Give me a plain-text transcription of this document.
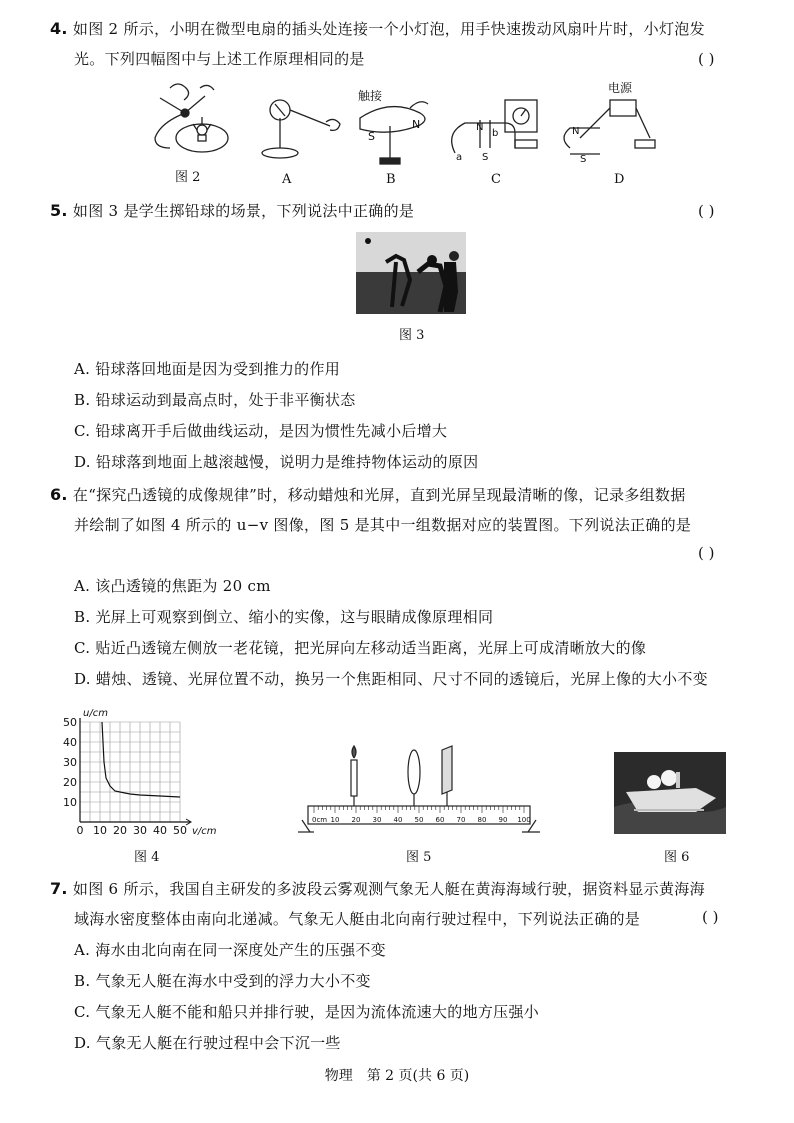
4. 如图 2 所示，小明在微型电扇的插头处连接一个小灯泡，用手快速拨动风扇叶片时，小灯泡发
光。下列四幅图中与上述工作原理相同的是	( )
触接
N
S
N
b
a S
电源
N
S
图 2	A	B	C	D
5. 如图 3 是学生掷铅球的场景，下列说法中正确的是	( )
图 3
A. 铅球落回地面是因为受到推力的作用
B. 铅球运动到最高点时，处于非平衡状态
C. 铅球离开手后做曲线运动，是因为惯性先减小后增大
D. 铅球落到地面上越滚越慢，说明力是维持物体运动的原因
6. 在“探究凸透镜的成像规律”时，移动蜡烛和光屏，直到光屏呈现最清晰的像，记录多组数据
并绘制了如图 4 所示的 u−v 图像，图 5 是其中一组数据对应的装置图。下列说法正确的是
( )
A. 该凸透镜的焦距为 20 cm
B. 光屏上可观察到倒立、缩小的实像，这与眼睛成像原理相同
C. 贴近凸透镜左侧放一老花镜，把光屏向左移动适当距离，光屏上可成清晰放大的像
D. 蜡烛、透镜、光屏位置不动，换另一个焦距相同、尺寸不同的透镜后，光屏上像的大小不变
0 10 20 30 40 50
10
20
30
40
50
v/cm
u/cm
图 4
0cm 10 20 30 40 50 60 70 80 90 100
图 5	图 6
7. 如图 6 所示，我国自主研发的多波段云雾观测气象无人艇在黄海海域行驶，据资料显示黄海海
域海水密度整体由南向北递减。气象无人艇由北向南行驶过程中，下列说法正确的是	( )
A. 海水由北向南在同一深度处产生的压强不变
B. 气象无人艇在海水中受到的浮力大小不变
C. 气象无人艇不能和船只并排行驶，是因为流体流速大的地方压强小
D. 气象无人艇在行驶过程中会下沉一些
物理　第 2 页(共 6 页)
